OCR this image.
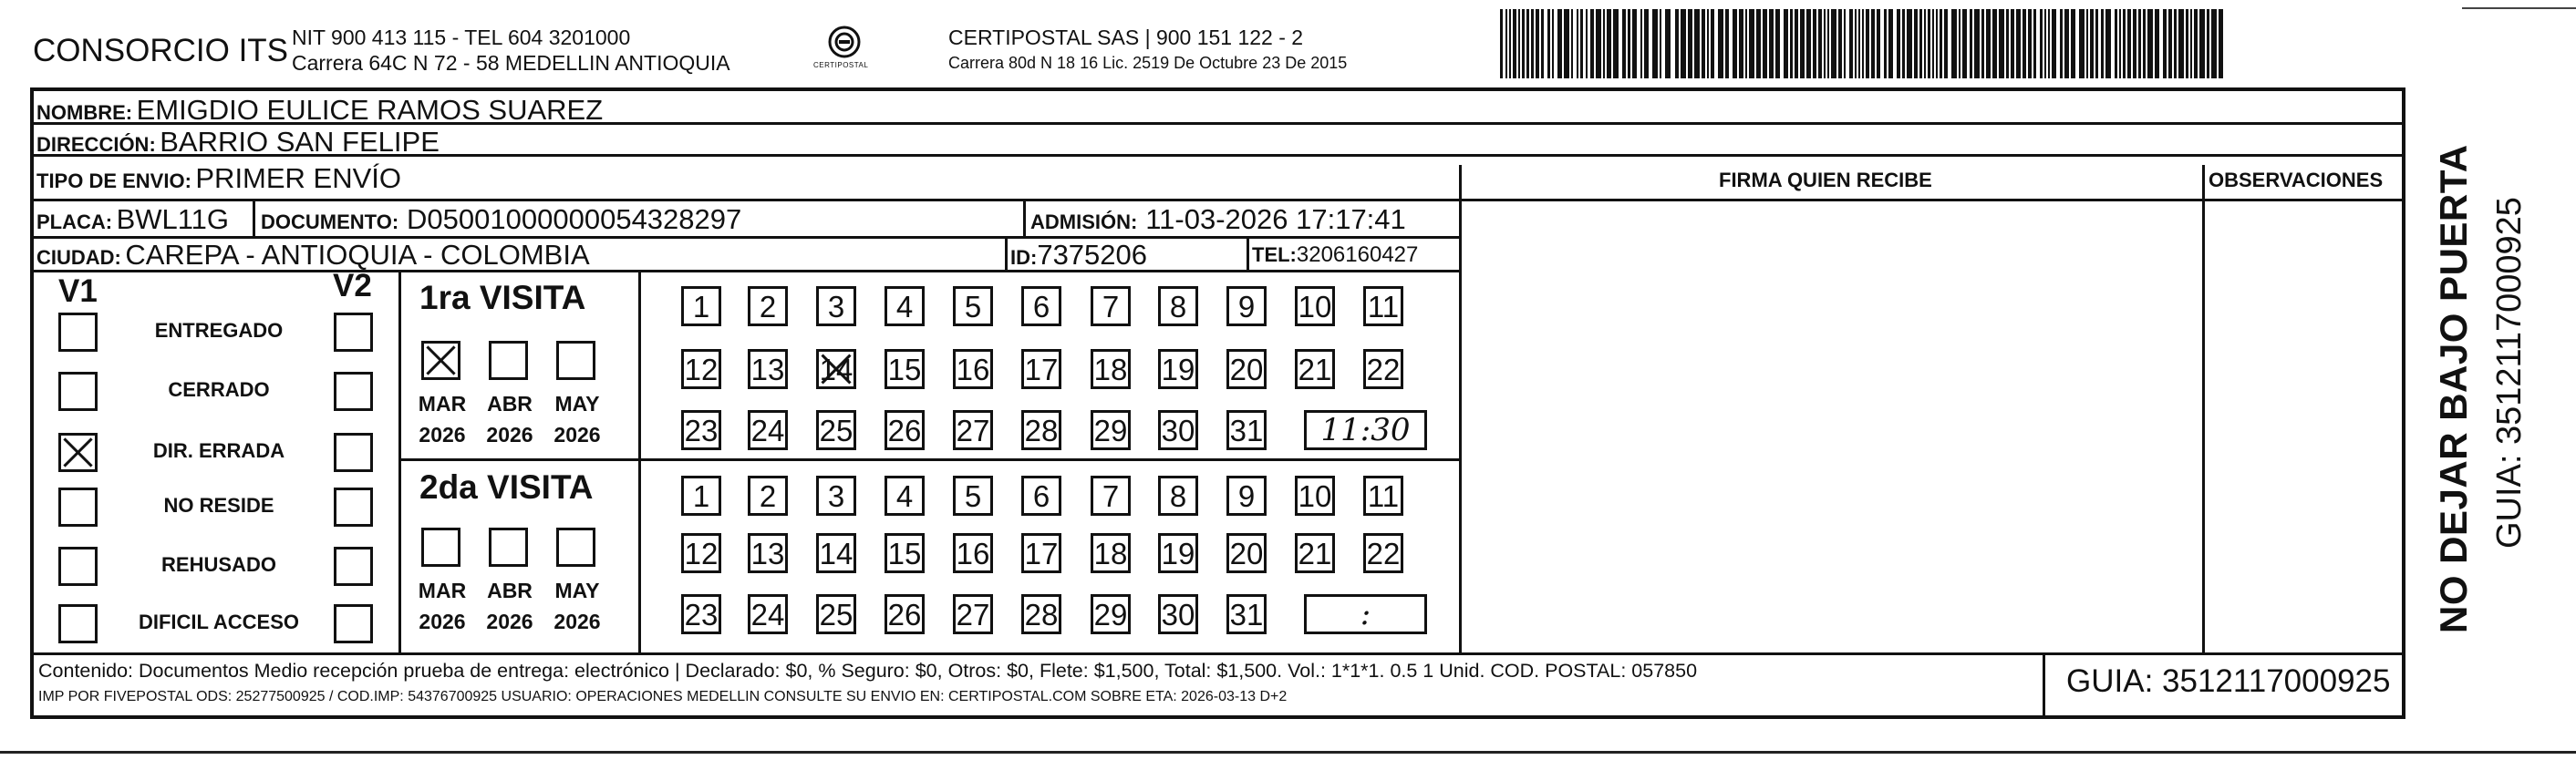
CONSORCIO ITS NIT 900 413 115 - TEL 604 3201000
Carrera 64C N 72 - 58 MEDELLIN ANTIOQUIA	CERTIPOSTAL
CERTIPOSTAL SAS | 900 151 122 - 2
Carrera 80d N 18 16 Lic. 2519 De Octubre 23 De 2015
NOMBRE: EMIGDIO EULICE RAMOS SUAREZ
DIRECCIÓN: BARRIO SAN FELIPE
TIPO DE ENVIO: PRIMER ENVÍO
PLACA: BWL11G DOCUMENTO: D05001000000054328297	ADMISIÓN: 11-03-2026 17:17:41
CIUDAD: CAREPA - ANTIOQUIA - COLOMBIA	ID:7375206	TEL:3206160427
FIRMA QUIEN RECIBE	OBSERVACIONES
V1	V2
ENTREGADO
CERRADO
DIR. ERRADA
NO RESIDE
REHUSADO
DIFICIL ACCESO
1ra VISITA
MAR
2026
ABR
2026
MAY
2026
1	2	3	4	5	6	7	8	9	10 11
12 13 14 15 16 17 18 19 20 21 22
23 24 25 26 27 28 29 30 31	11:30
2da VISITA
MAR
2026
ABR
2026
MAY
2026
1	2	3	4	5	6	7	8	9	10 11
12 13 14 15 16 17 18 19 20 21 22
23 24 25 26 27 28 29 30 31	:
Contenido: Documentos Medio recepción prueba de entrega: electrónico | Declarado: $0, % Seguro: $0, Otros: $0, Flete: $1,500, Total: $1,500. Vol.: 1*1*1. 0.5 1 Unid. COD. POSTAL: 057850
IMP POR FIVEPOSTAL ODS: 25277500925 / COD.IMP: 54376700925 USUARIO: OPERACIONES MEDELLIN CONSULTE SU ENVIO EN: CERTIPOSTAL.COM SOBRE ETA: 2026-03-13 D+2	GUIA: 3512117000925
NO DEJAR BAJO PUERTA GUIA: 3512117000925
